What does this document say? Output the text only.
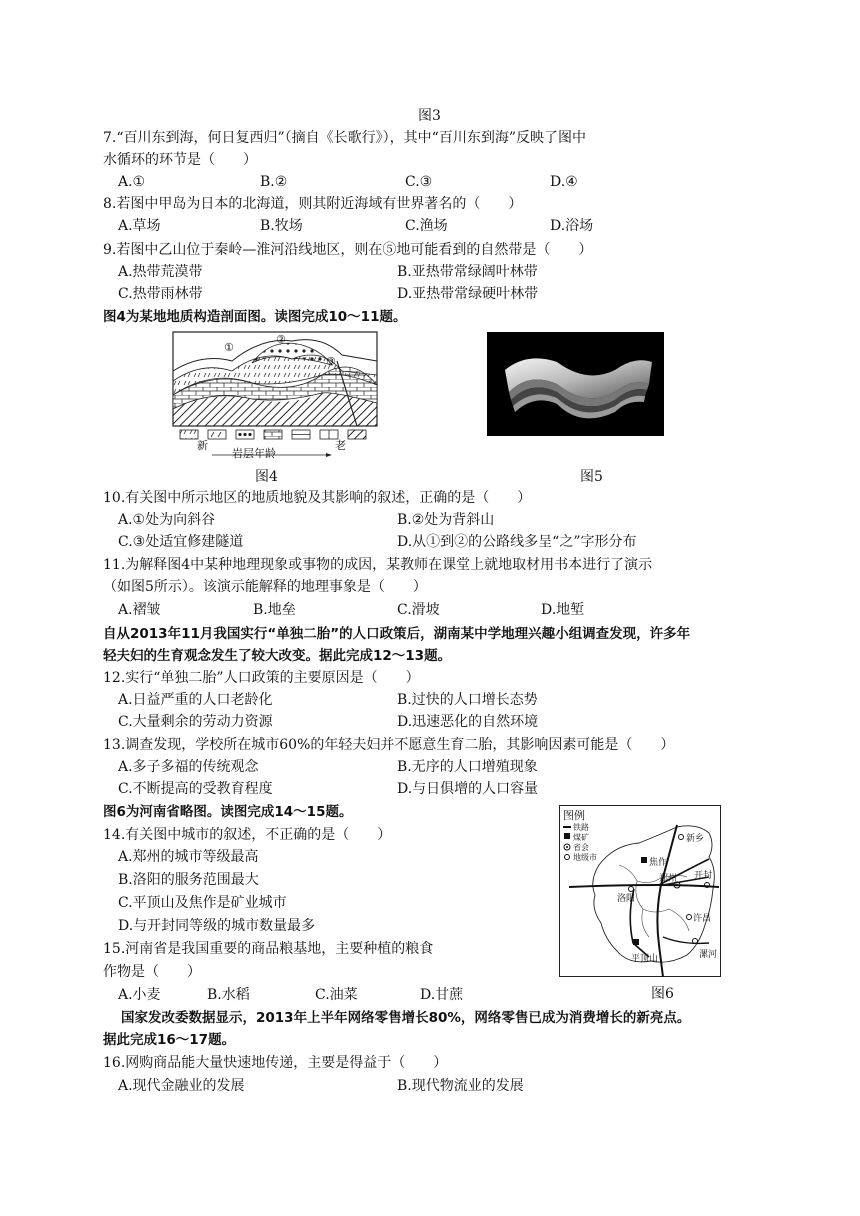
图3
7.“百川东到海，何日复西归”（摘自《长歌行》），其中“百川东到海”反映了图中
水循环的环节是（　　）
A.①	B.②	C.③	D.④
8.若图中甲岛为日本的北海道，则其附近海域有世界著名的（　　）
A.草场	B.牧场	C.渔场	D.浴场
9.若图中乙山位于秦岭—淮河沿线地区，则在⑤地可能看到的自然带是（　　）
A.热带荒漠带	B.亚热带常绿阔叶林带
C.热带雨林带	D.亚热带常绿硬叶林带
图4为某地地质构造剖面图。读图完成10～11题。
①
②
③
新	老
岩层年龄
图4	图5
10.有关图中所示地区的地质地貌及其影响的叙述，正确的是（　　）
A.①处为向斜谷	B.②处为背斜山
C.③处适宜修建隧道	D.从①到②的公路线多呈“之”字形分布
11.为解释图4中某种地理现象或事物的成因，某教师在课堂上就地取材用书本进行了演示
（如图5所示）。该演示能解释的地理事象是（　　）
A.褶皱	B.地垒	C.滑坡	D.地堑
自从2013年11月我国实行“单独二胎”的人口政策后，湖南某中学地理兴趣小组调查发现，许多年
轻夫妇的生育观念发生了较大改变。据此完成12～13题。
12.实行“单独二胎”人口政策的主要原因是（　　）
A.日益严重的人口老龄化	B.过快的人口增长态势
C.大量剩余的劳动力资源	D.迅速恶化的自然环境
13.调查发现，学校所在城市60%的年轻夫妇并不愿意生育二胎，其影响因素可能是（　　）
A.多子多福的传统观念	B.无序的人口增殖现象
C.不断提高的受教育程度	D.与日俱增的人口容量
图6为河南省略图。读图完成14～15题。
14.有关图中城市的叙述，不正确的是（　　）
A.郑州的城市等级最高
B.洛阳的服务范围最大
C.平顶山及焦作是矿业城市
D.与开封同等级的城市数量最多
15.河南省是我国重要的商品粮基地，主要种植的粮食
作物是（　　）
A.小麦	B.水稻	C.油菜	D.甘蔗
图例
铁路
煤矿
省会
地级市
新乡
焦作
郑州 开封
洛阳
许昌
漯河
平顶山
图6
国家发改委数据显示，2013年上半年网络零售增长80%，网络零售已成为消费增长的新亮点。
据此完成16～17题。
16.网购商品能大量快速地传递，主要是得益于（　　）
A.现代金融业的发展	B.现代物流业的发展
